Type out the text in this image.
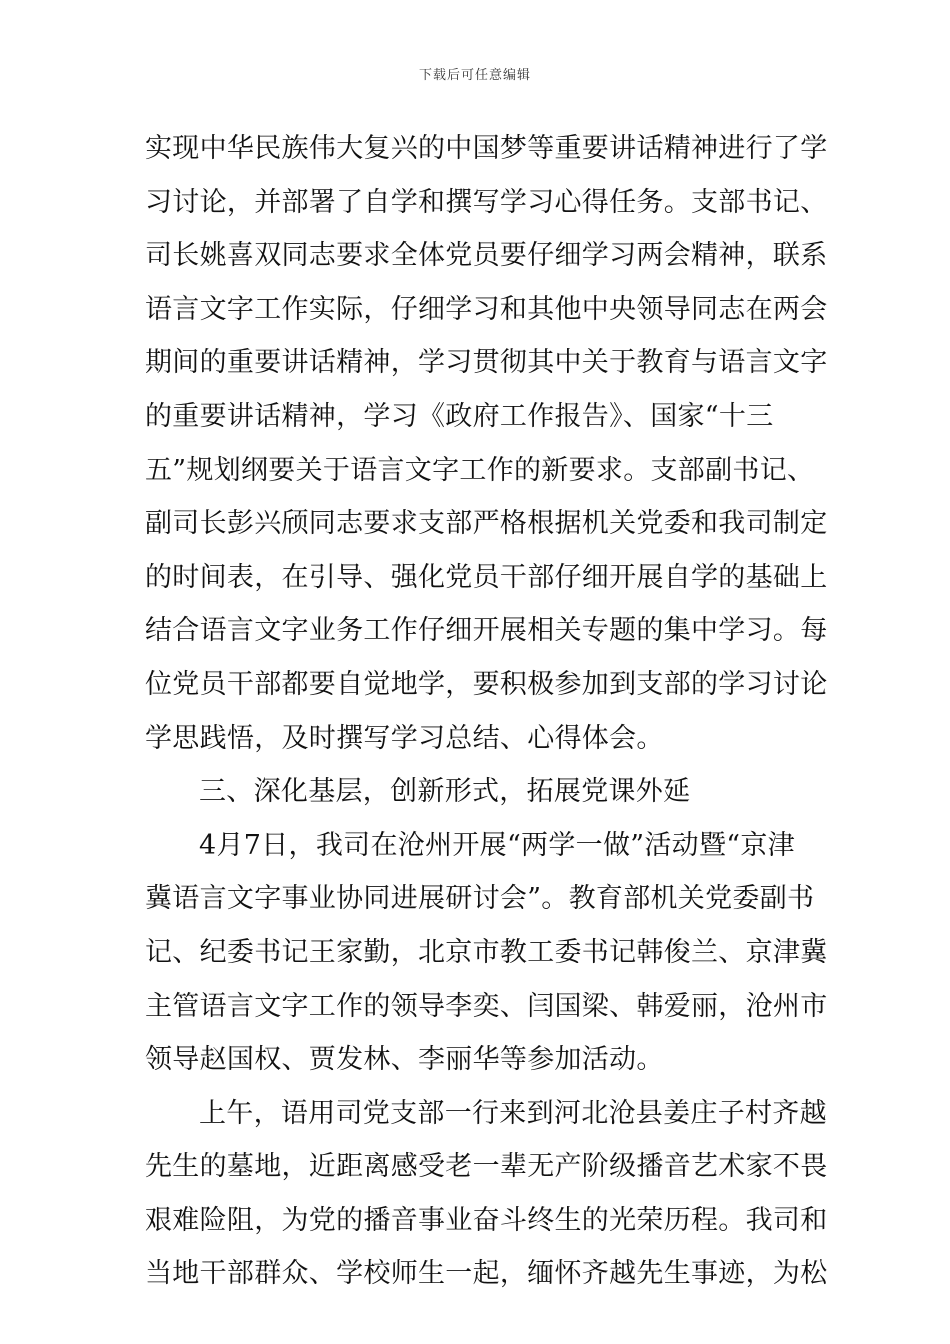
下载后可任意编辑
实现中华民族伟大复兴的中国梦等重要讲话精神进行了学
习讨论，并部署了自学和撰写学习心得任务。支部书记、
司长姚喜双同志要求全体党员要仔细学习两会精神，联系
语言文字工作实际，仔细学习和其他中央领导同志在两会
期间的重要讲话精神，学习贯彻其中关于教育与语言文字
的重要讲话精神，学习《政府工作报告》、国家“十三
五”规划纲要关于语言文字工作的新要求。支部副书记、
副司长彭兴颀同志要求支部严格根据机关党委和我司制定
的时间表，在引导、强化党员干部仔细开展自学的基础上
结合语言文字业务工作仔细开展相关专题的集中学习。每
位党员干部都要自觉地学，要积极参加到支部的学习讨论
学思践悟，及时撰写学习总结、心得体会。
三、深化基层，创新形式，拓展党课外延
4月7日，我司在沧州开展“两学一做”活动暨“京津
冀语言文字事业协同进展研讨会”。教育部机关党委副书
记、纪委书记王家勤，北京市教工委书记韩俊兰、京津冀
主管语言文字工作的领导李奕、闫国梁、韩爱丽，沧州市
领导赵国权、贾发林、李丽华等参加活动。
上午，语用司党支部一行来到河北沧县姜庄子村齐越
先生的墓地，近距离感受老一辈无产阶级播音艺术家不畏
艰难险阻，为党的播音事业奋斗终生的光荣历程。我司和
当地干部群众、学校师生一起，缅怀齐越先生事迹，为松
